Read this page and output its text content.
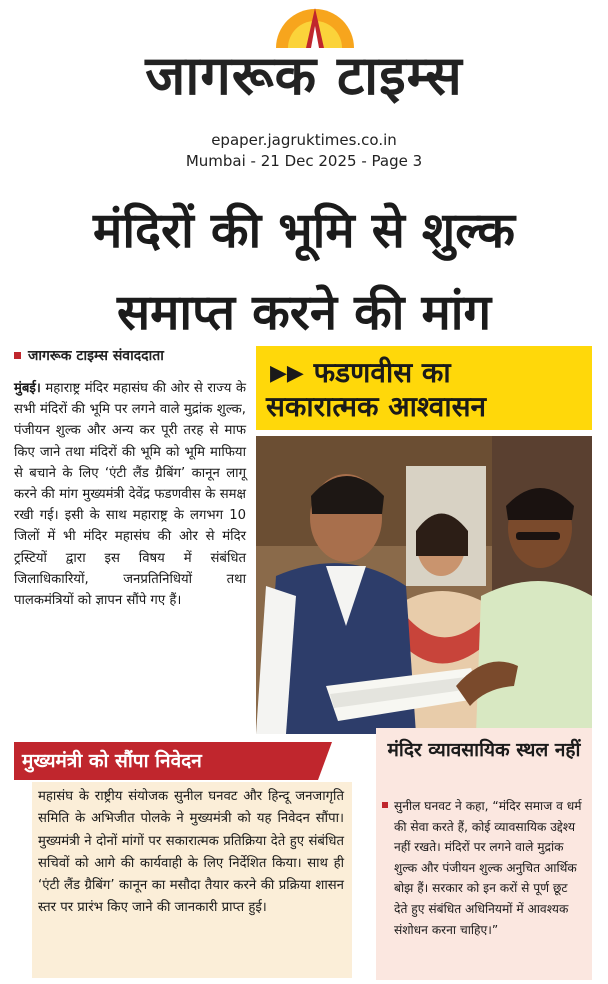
जागरूक टाइम्स
epaper.jagruktimes.co.in
Mumbai - 21 Dec 2025 - Page 3
मंदिरों की भूमि से शुल्क
समाप्त करने की मांग
जागरूक टाइम्स संवाददाता
मुंबई। महाराष्ट्र मंदिर महासंघ की ओर से राज्य के सभी मंदिरों की भूमि पर लगने वाले मुद्रांक शुल्क, पंजीयन शुल्क और अन्य कर पूरी तरह से माफ किए जाने तथा मंदिरों की भूमि को भूमि माफिया से बचाने के लिए ‘एंटी लैंड ग्रैबिंग’ कानून लागू करने की मांग मुख्यमंत्री देवेंद्र फडणवीस के समक्ष रखी गई। इसी के साथ महाराष्ट्र के लगभग 10 जिलों में भी मंदिर महासंघ की ओर से मंदिर ट्रस्टियों द्वारा इस विषय में संबंधित जिलाधिकारियों, जनप्रतिनिधियों तथा पालकमंत्रियों को ज्ञापन सौंपे गए हैं।
▶▶ फडणवीस का
सकारात्मक आश्वासन
मुख्यमंत्री को सौंपा निवेदन

महासंघ के राष्ट्रीय संयोजक सुनील घनवट और हिन्दू जनजागृति समिति के अभिजीत पोलके ने मुख्यमंत्री को यह निवेदन सौंपा। मुख्यमंत्री ने दोनों मांगों पर सकारात्मक प्रतिक्रिया देते हुए संबंधित सचिवों को आगे की कार्यवाही के लिए निर्देशित किया। साथ ही ‘एंटी लैंड ग्रैबिंग’ कानून का मसौदा तैयार करने की प्रक्रिया शासन स्तर पर प्रारंभ किए जाने की जानकारी प्राप्त हुई।

मंदिर व्यावसायिक स्थल नहीं

सुनील घनवट ने कहा, “मंदिर समाज व धर्म की सेवा करते हैं, कोई व्यावसायिक उद्देश्य नहीं रखते। मंदिरों पर लगने वाले मुद्रांक शुल्क और पंजीयन शुल्क अनुचित आर्थिक बोझ हैं। सरकार को इन करों से पूर्ण छूट देते हुए संबंधित अधिनियमों में आवश्यक संशोधन करना चाहिए।”
